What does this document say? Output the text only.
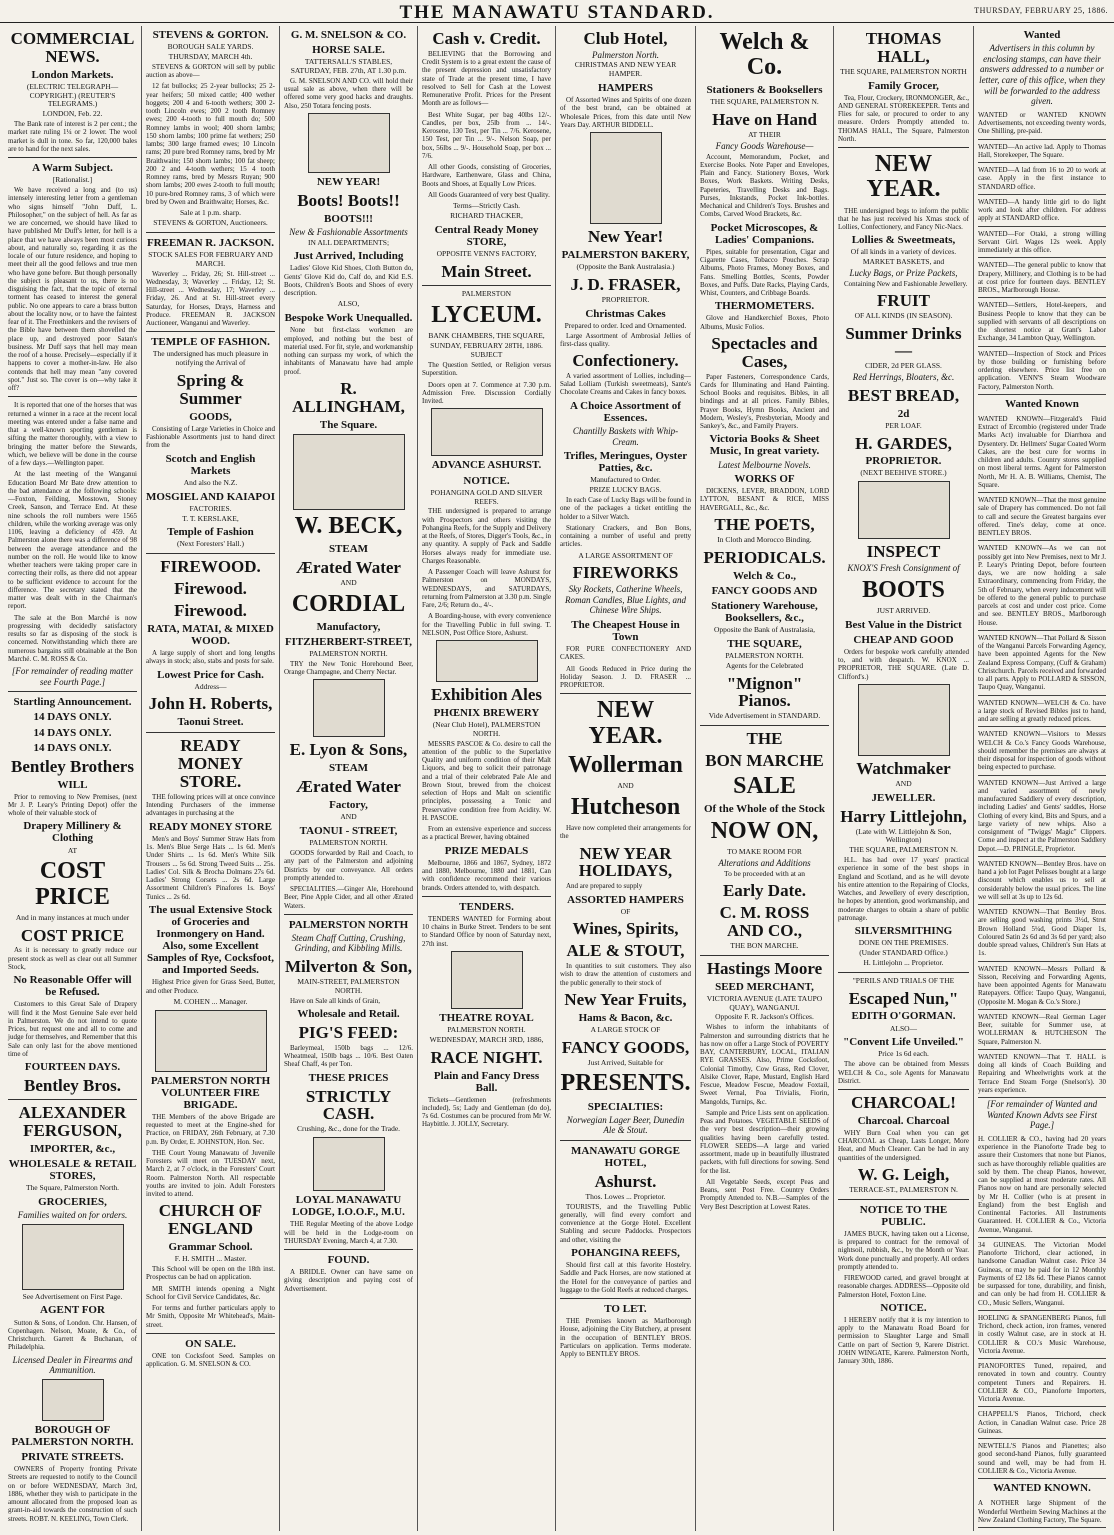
THE MANAWATU STANDARD.	THURSDAY, FEBRUARY 25, 1886.
COMMERCIAL NEWS.
London Markets.
(ELECTRIC TELEGRAPH—COPYRIGHT.) (REUTER'S TELEGRAMS.)
LONDON, Feb. 22.
The Bank rate of interest is 2 per cent.; the market rate ruling 1¼ or 2 lower. The wool market is dull in tone. So far, 120,000 bales are to hand for the next sales.
A Warm Subject.
[Rationalist.]
We have received a long and (to us) intensely interesting letter from a gentleman who signs himself "John Duff, L. Philosopher," on the subject of hell. As far as we are concerned, we should have liked to have published Mr Duff's letter, for hell is a place that we have always been most curious about, and naturally so, regarding it as the locale of our future residence, and hoping to meet their all the good fellows and true men who have gone before. But though personally the subject is pleasant to us, there is no disguising the fact, that the topic of eternal torment has ceased to interest the general public. No one appears to care a brass button about the locality now, or to have the faintest fear of it. The Freethinkers and the revisers of the Bible have between them shovelled the place up, and destroyed poor Satan's business. Mr Duff says that hell may mean the roof of a house. Precisely—especially if it happens to cover a mother-in-law. He also contends that hell may mean "any covered spot." Just so. The cover is on—why take it off?
It is reported that one of the horses that was returned a winner in a race at the recent local meeting was entered under a false name and that a well-known sporting gentleman is sifting the matter thoroughly, with a view to bringing the matter before the Stewards, which, we believe will be done in the course of a few days.—Wellington paper.
At the last meeting of the Wanganui Education Board Mr Bate drew attention to the bad attendance at the following schools:—Foxton, Feilding, Mosstown, Stoney Creek, Sanson, and Terrace End. At these nine schools the roll numbers were 1565 children, while the working average was only 1106, leaving a deficiency of 459. At Palmerston alone there was a difference of 98 between the average attendance and the number on the roll. He would like to know whether teachers were taking proper care in correcting their rolls, as there did not appear to be sufficient evidence to account for the difference. The secretary stated that the matter was dealt with in the Chairman's report.
The sale at the Bon Marché is now progressing with decidedly satisfactory results so far as disposing of the stock is concerned. Notwithstanding which there are numerous bargains still obtainable at the Bon Marché. C. M. ROSS & Co.
[For remainder of reading matter see Fourth Page.]
Startling Announcement.
14 DAYS ONLY.
14 DAYS ONLY.
14 DAYS ONLY.
Bentley Brothers
WILL
Prior to removing to New Premises, (next Mr J. P. Leary's Printing Depot) offer the whole of their valuable stock of
Drapery Millinery & Clothing
AT
COST PRICE
And in many instances at much under
COST PRICE
As it is necessary to greatly reduce our present stock as well as clear out all Summer Stock,
No Reasonable Offer will be Refused.
Customers to this Great Sale of Drapery will find it the Most Genuine Sale ever held in Palmerston. We do not intend to quote Prices, but request one and all to come and judge for themselves, and Remember that this Sale can only last for the above mentioned time of
FOURTEEN DAYS.
Bentley Bros.
ALEXANDER FERGUSON,
IMPORTER, &c.,
WHOLESALE & RETAIL STORES,
The Square, Palmerston North.
GROCERIES,
Families waited on for orders.
See Advertisement on First Page.
AGENT FOR
Sutton & Sons, of London. Chr. Hansen, of Copenhagen. Nelson, Moate, & Co., of Christchurch. Garrett & Buchanan, of Philadelphia.
Licensed Dealer in Firearms and Ammunition.
BOROUGH OF PALMERSTON NORTH.
PRIVATE STREETS.
OWNERS of Property fronting Private Streets are requested to notify to the Council on or before WEDNESDAY, March 3rd, 1886, whether they wish to participate in the amount allocated from the proposed loan as grant-in-aid towards the construction of such streets. ROBT. N. KEELING, Town Clerk.
STEVENS & GORTON.
BOROUGH SALE YARDS.
THURSDAY, MARCH 4th.
STEVENS & GORTON will sell by public auction as above—
12 fat bullocks; 25 2-year bullocks; 25 2-year heifers; 50 mixed cattle; 400 wether hoggets; 200 4 and 6-tooth wethers; 300 2-tooth Lincoln ewes; 200 2 tooth Romney ewes; 200 4-tooth to full mouth do; 500 Romney lambs in wool; 400 shorn lambs; 150 shorn lambs; 100 prime fat wethers; 250 lambs; 300 large framed ewes; 10 Lincoln rams; 20 pure bred Romney rams, bred by Mr Braithwaite; 150 shorn lambs; 100 fat sheep; 200 2 and 4-tooth wethers; 15 4 tooth Romney rams, bred by Messrs Ruyan; 900 shorn lambs; 200 ewes 2-tooth to full mouth; 10 pure-bred Romney rams, 3 of which were bred by Owen and Braithwaite; Horses, &c.
Sale at 1 p.m. sharp.
STEVENS & GORTON, Auctioneers.
FREEMAN R. JACKSON.
STOCK SALES FOR FEBRUARY AND MARCH.
Waverley ... Friday, 26; St. Hill-street ... Wednesday, 3; Waverley ... Friday, 12; St. Hill-street ... Wednesday, 17; Waverley ... Friday, 26. And at St. Hill-street every Saturday, for Horses, Drays, Harness and Produce. FREEMAN R. JACKSON Auctioneer, Wanganui and Waverley.
TEMPLE OF FASHION.
The undersigned has much pleasure in notifying the Arrival of
Spring & Summer
GOODS,
Consisting of Large Varieties in Choice and Fashionable Assortments just to hand direct from the
Scotch and English Markets
And also the N.Z.
MOSGIEL AND KAIAPOI
FACTORIES.
T. T. KERSLAKE,
Temple of Fashion
(Next Foresters' Hall.)
FIREWOOD.
Firewood.
Firewood.
RATA, MATAI, & MIXED WOOD.
A large supply of short and long lengths always in stock; also, stabs and posts for sale.
Lowest Price for Cash.
Address—
John H. Roberts,
Taonui Street.
READY MONEY STORE.
THE following prices will at once convince Intending Purchasers of the immense advantages in purchasing at the
READY MONEY STORE
Men's and Boys' Summer Straw Hats from 1s. Men's Blue Serge Hats ... 1s 6d. Men's Under Shirts ... 1s 6d. Men's White Silk Trousers ... 5s 6d. Strong Tweed Suits ... 25s. Ladies' Col. Silk & Brocha Dolmans 27s 6d. Ladies' Strong Corsets ... 2s 6d. Large Assortment Children's Pinafores 1s. Boys' Tunics ... 2s 6d.
The usual Extensive Stock of Groceries and Ironmongery on Hand. Also, some Excellent Samples of Rye, Cocksfoot, and Imported Seeds.
Highest Price given for Grass Seed, Butter, and other Produce.
M. COHEN ... Manager.
PALMERSTON NORTH VOLUNTEER FIRE BRIGADE.
THE Members of the above Brigade are requested to meet at the Engine-shed for Practice, on FRIDAY, 26th February, at 7.30 p.m. By Order, E. JOHNSTON, Hon. Sec.
THE Court Young Manawatu of Juvenile Foresters will meet on TUESDAY next, March 2, at 7 o'clock, in the Foresters' Court Room. Palmerston North. All respectable youths are invited to join. Adult Foresters invited to attend.
CHURCH OF ENGLAND
Grammar School.
F. H. SMITH ... Master.
This School will be open on the 18th inst. Prospectus can be had on application.
MR SMITH intends opening a Night School for Civil Service Candidates, &c.
For terms and further particulars apply to Mr Smith, Opposite Mr Whitehead's, Main-street.
ON SALE.
ONE ton Cocksfoot Seed. Samples on application. G. M. SNELSON & CO.
G. M. SNELSON & CO.
HORSE SALE.
TATTERSALL'S STABLES, SATURDAY, FEB. 27th, AT 1.30 p.m.
G. M. SNELSON AND CO. will hold their usual sale as above, when there will be offered some very good hacks and draughts. Also, 250 Totara fencing posts.
NEW YEAR!
Boots! Boots!!
BOOTS!!!
New & Fashionable Assortments
IN ALL DEPARTMENTS;
Just Arrived, Including
Ladies' Glove Kid Shoes, Cloth Button do, Gents' Glove Kid do, Calf do, and Kid E.S. Boots, Children's Boots and Shoes of every description.
ALSO,
Bespoke Work Unequalled.
None but first-class workmen are employed, and nothing but the best of material used. For fit, style, and workmanship nothing can surpass my work, of which the inhabitants of Manawatu have had ample proof.
R. ALLINGHAM,
The Square.
W. BECK,
STEAM
Ærated Water
AND
CORDIAL
Manufactory,
FITZHERBERT-STREET,
PALMERSTON NORTH.
TRY the New Tonic Horehound Beer, Orange Champagne, and Cherry Nectar.
E. Lyon & Sons,
STEAM
Ærated Water
Factory,
AND
TAONUI - STREET,
PALMERSTON NORTH.
GOODS forwarded by Rail and Coach, to any part of the Palmerston and adjoining Districts by our conveyance. All orders promptly attended to.
SPECIALITIES.—Ginger Ale, Horehound Beer, Pine Apple Cider, and all other Ærated Waters.
PALMERSTON NORTH
Steam Chaff Cutting, Crushing, Grinding, and Kibbling Mills.
Milverton & Son,
MAIN-STREET, PALMERSTON NORTH.
Have on Sale all kinds of Grain,
Wholesale and Retail.
PIG'S FEED:
Barleymeal, 150lb bags ... 12/6. Wheatmeal, 150lb bags ... 10/6. Best Oaten Sheaf Chaff, 4s per Ton.
THESE PRICES
STRICTLY CASH.
Crushing, &c., done for the Trade.
LOYAL MANAWATU LODGE, I.O.O.F., M.U.
THE Regular Meeting of the above Lodge will be held in the Lodge-room on THURSDAY Evening, March 4, at 7.30.
FOUND.
A BRIDLE. Owner can have same on giving description and paying cost of Advertisement.
Cash v. Credit.
BELIEVING that the Borrowing and Credit System is to a great extent the cause of the present depression and unsatisfactory state of Trade at the present time, I have resolved to Sell for Cash at the Lowest Remunerative Profit. Prices for the Present Month are as follows—
Best White Sugar, per bag 40lbs 12/-. Candles, per box, 25lb from ... 14/-. Kerosene, 130 Test, per Tin ... 7/6. Kerosene, 150 Test, per Tin ... 9/-. Nelson Soap, per box, 56lbs ... 9/-. Household Soap, per box ... 7/6.
All other Goods, consisting of Groceries, Hardware, Earthenware, Glass and China, Boots and Shoes, at Equally Low Prices.
All Goods Guaranteed of very best Quality.
Terms—Strictly Cash.
RICHARD THACKER,
Central Ready Money STORE,
OPPOSITE VENN'S FACTORY,
Main Street.
PALMERSTON
LYCEUM.
BANK CHAMBERS, THE SQUARE,
SUNDAY, FEBRUARY 28TH, 1886.
SUBJECT
The Question Settled, or Religion versus Superstition.
Doors open at 7. Commence at 7.30 p.m. Admission Free. Discussion Cordially Invited.
ADVANCE ASHURST.
NOTICE.
POHANGINA GOLD AND SILVER REEFS.
THE undersigned is prepared to arrange with Prospectors and others visiting the Pohangina Reefs, for the Supply and Delivery at the Reefs, of Stores, Digger's Tools, &c., in any quantity. A supply of Pack and Saddle Horses always ready for immediate use. Charges Reasonable.
A Passenger Coach will leave Ashurst for Palmerston on MONDAYS, WEDNESDAYS, and SATURDAYS, returning from Palmerston at 3.30 p.m. Single Fare, 2/6; Return do., 4/-.
A Boarding-house, with every convenience for the Travelling Public in full swing. T. NELSON, Post Office Store, Ashurst.
Exhibition Ales
PHŒNIX BREWERY
(Near Club Hotel), PALMERSTON NORTH.
MESSRS PASCOE & Co. desire to call the attention of the public to the Superlative Quality and uniform condition of their Malt Liquors, and beg to solicit their patronage and a trial of their celebrated Pale Ale and Brown Stout, brewed from the choicest selection of Hops and Malt on scientific principles, possessing a Tonic and Preservative condition free from Acidity. W. H. PASCOE.
From an extensive experience and success as a practical Brewer, having obtained
PRIZE MEDALS
Melbourne, 1866 and 1867, Sydney, 1872 and 1880, Melbourne, 1880 and 1881, Can with confidence recommend their various brands. Orders attended to, with despatch.
TENDERS.
TENDERS WANTED for Forming about 10 chains in Burke Street. Tenders to be sent to Standard Office by noon of Saturday next, 27th inst.
THEATRE ROYAL
PALMERSTON NORTH.
WEDNESDAY, MARCH 3RD, 1886,
RACE NIGHT.
Plain and Fancy Dress Ball.
Tickets—Gentlemen (refreshments included), 5s; Lady and Gentleman (do do), 7s 6d. Costumes can be procured from Mr W. Haybittle. J. JOLLY, Secretary.
Club Hotel,
Palmerston North.
CHRISTMAS AND NEW YEAR HAMPER.
HAMPERS
Of Assorted Wines and Spirits of one dozen of the best brand, can be obtained at Wholesale Prices, from this date until New Years Day. ARTHUR BIDDELL.
New Year!
PALMERSTON BAKERY,
(Opposite the Bank Australasia.)
J. D. FRASER,
PROPRIETOR.
Christmas Cakes
Prepared to order. Iced and Ornamented.
Large Assortment of Ambrosial Jellies of first-class quality.
Confectionery.
A varied assortment of Lollies, including—Salad Lolliam (Turkish sweetmeats), Sante's Chocolate Creams and Cakes in fancy boxes.
A Choice Assortment of Essences.
Chantilly Baskets with Whip-Cream.
Trifles, Meringues, Oyster Patties, &c.
Manufactured to Order.
PRIZE LUCKY BAGS.
In each Case of Lucky Bags will be found in one of the packages a ticket entitling the holder to a Silver Watch.
Stationary Crackers, and Bon Bons, containing a number of useful and pretty articles.
A LARGE ASSORTMENT OF
FIREWORKS
Sky Rockets, Catherine Wheels, Roman Candles, Blue Lights, and Chinese Wire Ships.
The Cheapest House in Town
FOR PURE CONFECTIONERY AND CAKES.
All Goods Reduced in Price during the Holiday Season. J. D. FRASER ... PROPRIETOR.
NEW YEAR.
Wollerman
AND
Hutcheson
Have now completed their arrangements for the
NEW YEAR HOLIDAYS,
And are prepared to supply
ASSORTED HAMPERS
OF
Wines, Spirits,
ALE & STOUT,
In quantities to suit customers. They also wish to draw the attention of customers and the public generally to their stock of
New Year Fruits,
Hams & Bacon, &c.
A LARGE STOCK OF
FANCY GOODS,
Just Arrived, Suitable for
PRESENTS.
SPECIALTIES:
Norwegian Lager Beer, Dunedin Ale & Stout.
MANAWATU GORGE HOTEL,
Ashurst.
Thos. Lowes ... Proprietor.
TOURISTS, and the Travelling Public generally, will find every comfort and convenience at the Gorge Hotel. Excellent Stabling and secure Paddocks. Prospectors and other, visiting the
POHANGINA REEFS,
Should first call at this favorite Hostelry. Saddle and Pack Horses, are now stationed at the Hotel for the conveyance of parties and luggage to the Gold Reefs at reduced charges.
TO LET.
THE Premises known as Marlborough House, adjoining the City Butchery, at present in the occupation of BENTLEY BROS. Particulars on application. Terms moderate. Apply to BENTLEY BROS.
Welch & Co.
Stationers & Booksellers
THE SQUARE, PALMERSTON N.
Have on Hand
AT THEIR
Fancy Goods Warehouse—
Account, Memorandum, Pocket, and Exercise Books. Note Paper and Envelopes, Plain and Fancy. Stationery Boxes, Work Boxes, Work Baskets. Writing Desks, Papeteries, Travelling Desks and Bags. Purses, Inkstands, Pocket Ink-bottles. Mechanical and Children's Toys. Brushes and Combs, Carved Wood Brackets, &c.
Pocket Microscopes, & Ladies' Companions.
Pipes, suitable for presentation, Cigar and Cigarette Cases, Tobacco Pouches. Scrap Albums, Photo Frames, Money Boxes, and Fans. Smelling Bottles, Scents, Powder Boxes, and Puffs. Date Racks, Playing Cards, Whist, Counters, and Cribbage Boards.
THERMOMETERS.
Glove and Handkerchief Boxes, Photo Albums, Music Folios.
Spectacles and Cases,
Paper Fasteners, Correspondence Cards, Cards for Illuminating and Hand Painting. School Books and requisites. Bibles, in all bindings and at all prices. Family Bibles, Prayer Books, Hymn Books, Ancient and Modern, Wesley's, Presbyterian, Moody and Sankey's, &c., and Family Prayers.
Victoria Books & Sheet Music, In great variety.
Latest Melbourne Novels.
WORKS OF
DICKENS, LEVER, BRADDON, LORD LYTTON, BESANT & RICE, MISS HAVERGALL, &c., &c.
THE POETS,
In Cloth and Morocco Binding.
PERIODICALS.
Welch & Co.,
FANCY GOODS AND
Stationery Warehouse, Booksellers, &c.,
Opposite the Bank of Australasia,
THE SQUARE,
PALMERSTON NORTH.
Agents for the Celebrated
"Mignon" Pianos.
Vide Advertisement in STANDARD.
THE
BON MARCHE
SALE
Of the Whole of the Stock
NOW ON,
TO MAKE ROOM FOR
Alterations and Additions
To be proceeded with at an
Early Date.
C. M. ROSS AND CO.,
THE BON MARCHE.
Hastings Moore
SEED MERCHANT,
VICTORIA AVENUE (LATE TAUPO QUAY), WANGANUI.
Opposite F. R. Jackson's Offices.
Wishes to inform the inhabitants of Palmerston and surrounding districts that he has now on offer a Large Stock of POVERTY BAY, CANTERBURY, LOCAL, ITALIAN RYE GRASSES. Also, Prime Cocksfoot, Colonial Timothy, Cow Grass, Red Clover, Alsike Clover, Rape, Mustard, English Hard Fescue, Meadow Fescue, Meadow Foxtail, Sweet Vernal, Poa Trivialis, Fiorin, Mangolds, Turnips, &c.
Sample and Price Lists sent on application. Peas and Potatoes. VEGETABLE SEEDS of the very best description—their growing qualities having been carefully tested. FLOWER SEEDS—A large and varied assortment, made up in beautifully illustrated packets, with full directions for sowing. Send for the list.
All Vegetable Seeds, except Peas and Beans, sent Post Free. Country Orders Promptly Attended to. N.B.—Samples of the Very Best Description at Lowest Rates.
THOMAS HALL,
THE SQUARE, PALMERSTON NORTH
Family Grocer,
Tea, Flour, Crockery, IRONMONGER, &c., AND GENERAL STOREKEEPER. Tents and Flies for sale, or procured to order to any measure. Orders Promptly attended to. THOMAS HALL, The Square, Palmerston North.
NEW YEAR.
THE undersigned begs to inform the public that he has just received his Xmas stock of Lollies, Confectionery, and Fancy Nic-Nacs.
Lollies & Sweetmeats,
Of all kinds in a variety of devices.
MARKET BASKETS, and
Lucky Bags, or Prize Packets,
Containing New and Fashionable Jewellery.
FRUIT
OF ALL KINDS (IN SEASON).
Summer Drinks—
CIDER, 2d PER GLASS.
Red Herrings, Bloaters, &c.
BEST BREAD,
2d
PER LOAF.
H. GARDES,
PROPRIETOR.
(NEXT BEEHIVE STORE.)
INSPECT
KNOX'S Fresh Consignment of
BOOTS
JUST ARRIVED.
Best Value in the District
CHEAP AND GOOD
Orders for bespoke work carefully attended to, and with despatch. W. KNOX ... PROPRIETOR, THE SQUARE. (Late D. Clifford's.)
Watchmaker
AND
JEWELLER.
Harry Littlejohn,
(Late with W. Littlejohn & Son, Wellington)
THE SQUARE, PALMERSTON N.
H.L. has had over 17 years' practical experience in some of the best shops in England and Scotland, and as he will devote his entire attention to the Repairing of Clocks, Watches, and Jewellery of every description, he hopes by attention, good workmanship, and moderate charges to obtain a share of public patronage.
SILVERSMITHING
DONE ON THE PREMISES.
(Under STANDARD Office.)
H. Littlejohn ... Proprietor.
"PERILS AND TRIALS OF THE
Escaped Nun,"
EDITH O'GORMAN.
ALSO—
"Convent Life Unveiled."
Price 1s 6d each.
The above can be obtained from Messrs WELCH & Co., sole Agents for Manawatu District.
CHARCOAL!
Charcoal. Charcoal
WHY Burn Coal when you can get CHARCOAL as Cheap, Lasts Longer, More Heat, and Much Cleaner. Can be had in any quantities of the undersigned.
W. G. Leigh,
TERRACE-ST., PALMERSTON N.
NOTICE TO THE PUBLIC.
JAMES BUCK, having taken out a License, is prepared to contract for the removal of nightsoil, rubbish, &c., by the Month or Year. Work done punctually and properly. All orders promptly attended to.
FIREWOOD carted, and gravel brought at reasonable charges. ADDRESS—Opposite old Palmerston Hotel, Foxton Line.
NOTICE.
I HEREBY notify that it is my intention to apply to the Manawatu Road Board for permission to Slaughter Large and Small Cattle on part of Section 9, Karere District. JOHN WINGATE, Karere. Palmerston North, January 30th, 1886.
Wanted
Advertisers in this column by enclosing stamps, can have their answers addressed to a number or letter, care of this office, when they will be forwarded to the address given.
WANTED or WANTED KNOWN Advertisements, not exceeding twenty words, One Shilling, pre-paid.
WANTED—An active lad. Apply to Thomas Hall, Storekeeper, The Square.
WANTED—A lad from 16 to 20 to work at case. Apply in the first instance to STANDARD office.
WANTED—A handy little girl to do light work and look after children. For address apply at STANDARD office.
WANTED—For Otaki, a strong willing Servant Girl. Wages 12s week. Apply immediately at this office.
WANTED—The general public to know that Drapery, Millinery, and Clothing is to be had at cost price for fourteen days. BENTLEY BROS., Marlborough House.
WANTED—Settlers, Hotel-keepers, and Business People to know that they can be supplied with servants of all descriptions on the shortest notice at Grant's Labor Exchange, 34 Lambton Quay, Wellington.
WANTED—Inspection of Stock and Prices by those building or furnishing before ordering elsewhere. Price list free on application. VENN'S Steam Woodware Factory, Palmerston North.
Wanted Known
WANTED KNOWN—Fitzgerald's Fluid Extract of Ercombio (registered under Trade Marks Act) invaluable for Diarrhœa and Dysentery. Dr. Hellmers' Sugar Coated Worm Cakes, are the best cure for worms in children and adults. Country stores supplied on most liberal terms. Agent for Palmerston North, Mr H. A. B. Williams, Chemist, The Square.
WANTED KNOWN—That the most genuine sale of Drapery has commenced. Do not fail to call and secure the Greatest bargains ever offered. Tine's delay, come at once. BENTLEY BROS.
WANTED KNOWN—As we can not possibly get into New Premises, next to Mr J. P. Leary's Printing Depot, before fourteen days, we are now holding a sale Extraordinary, commencing from Friday, the 5th of February, when every inducement will be offered to the general public to purchase parcels at cost and under cost price. Come and see. BENTLEY BROS., Marlborough House.
WANTED KNOWN—That Pollard & Sisson of the Wanganui Parcels Forwarding Agency, have been appointed Agents for the New Zealand Express Company, (Cuff & Graham) Christchurch. Parcels received and forwarded to all parts. Apply to POLLARD & SISSON, Taupo Quay, Wanganui.
WANTED KNOWN—WELCH & Co. have a large stock of Revised Bibles just to hand, and are selling at greatly reduced prices.
WANTED KNOWN—Visitors to Messrs WELCH & Co.'s Fancy Goods Warehouse, should remember the premises are always at their disposal for inspection of goods without being expected to purchase.
WANTED KNOWN—Just Arrived a large and varied assortment of newly manufactured Saddlery of every description, including Ladies' and Gents' saddles, Horse Clothing of every kind, Bits and Spurs, and a large variety of new whips. Also a consignment of "Twiggs' Magic" Clippers. Come and inspect at the Palmerston Saddlery Depot.—D. PRINGLE, Proprietor.
WANTED KNOWN—Bentley Bros. have on hand a job lot Paget Pelisses bought at a large discount which enables us to sell at considerably below the usual prices. The line we will sell at 3s up to 12s 6d.
WANTED KNOWN—That Bentley Bros. are selling good washing prints 3½d, Strut Brown Holland 5¼d, Good Diaper 1s, Coloured Satin 2s 6d and 3s 6d per yard; also double spread values, Children's Sun Hats at 1s.
WANTED KNOWN—Messrs Pollard & Sisson, Receiving and Forwarding Agents, have been appointed Agents for Manawatu Ratepayers. Office: Taupo Quay, Wanganui, (Opposite M. Mogan & Co.'s Store.)
WANTED KNOWN—Real German Lager Beer, suitable for Summer use, at WOLLERMAN & HUTCHESON The Square, Palmerston N.
WANTED KNOWN—That T. HALL is doing all kinds of Coach Building and Repairing and Wheelwrights work at the Terrace End Steam Forge (Snelson's). 30 years experience.
[For remainder of Wanted and Wanted Known Advts see First Page.]
H. COLLIER & CO., having had 20 years experience in the Pianoforte Trade beg to assure their Customers that none but Pianos, such as have thoroughly reliable qualities are sold by them. The cheap Pianos, however, can be supplied at most moderate rates. All Pianos now on hand are personally selected by Mr H. Collier (who is at present in England) from the best English and Continental Factories. All Instruments Guaranteed. H. COLLIER & Co., Victoria Avenue, Wanganui.
34 GUINEAS. The Victorian Model Pianoforte Trichord, clear actioned, in handsome Canadian Walnut case. Price 34 Guineas, or may be paid for in 12 Monthly Payments of £2 18s 6d. These Pianos cannot be surpassed for tone, durability, and finish, and can only be had from H. COLLIER & CO., Music Sellers, Wanganui.
HOELING & SPANGENBERG Pianos, full Trichord, check action, iron frames, venered in costly Walnut case, are in stock at H. COLLIER & CO.'s Music Warehouse, Victoria Avenue.
PIANOFORTES Tuned, repaired, and renovated in town and country. Country competent Tuners and Repairers. H. COLLIER & CO., Pianoforte Importers, Victoria Avenue.
CHAPPELL'S Pianos, Trichord, check Action, in Canadian Walnut case. Price 28 Guineas.
NEWTELL'S Pianos and Pianettes; also good second-hand Pianos, fully guaranteed sound and well, may be had from H. COLLIER & Co., Victoria Avenue.
WANTED KNOWN.
A NOTHER large Shipment of the Wonderful Wertheim Sewing Machines at the New Zealand Clothing Factory, The Square.
